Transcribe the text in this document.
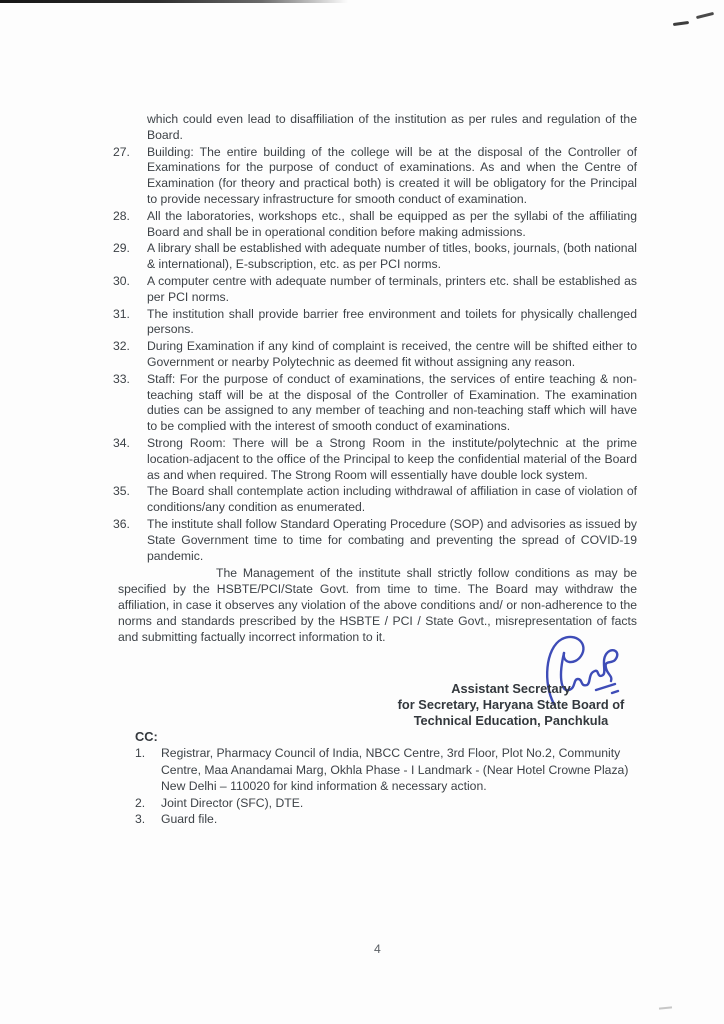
which could even lead to disaffiliation of the institution as per rules and regulation of the Board.

27.	Building: The entire building of the college will be at the disposal of the Controller of Examinations for the purpose of conduct of examinations. As and when the Centre of Examination (for theory and practical both) is created it will be obligatory for the Principal to provide necessary infrastructure for smooth conduct of examination.
28.	All the laboratories, workshops etc., shall be equipped as per the syllabi of the affiliating Board and shall be in operational condition before making admissions.
29.	A library shall be established with adequate number of titles, books, journals, (both national & international), E-subscription, etc. as per PCI norms.
30.	A computer centre with adequate number of terminals, printers etc. shall be established as per PCI norms.
31.	The institution shall provide barrier free environment and toilets for physically challenged persons.
32.	During Examination if any kind of complaint is received, the centre will be shifted either to Government or nearby Polytechnic as deemed fit without assigning any reason.
33.	Staff: For the purpose of conduct of examinations, the services of entire teaching & non-teaching staff will be at the disposal of the Controller of Examination. The examination duties can be assigned to any member of teaching and non-teaching staff which will have to be complied with the interest of smooth conduct of examinations.
34.	Strong Room: There will be a Strong Room in the institute/polytechnic at the prime location-adjacent to the office of the Principal to keep the confidential material of the Board as and when required. The Strong Room will essentially have double lock system.
35.	The Board shall contemplate action including withdrawal of affiliation in case of violation of conditions/any condition as enumerated.
36.	The institute shall follow Standard Operating Procedure (SOP) and advisories as issued by State Government time to time for combating and preventing the spread of COVID-19 pandemic.

The Management of the institute shall strictly follow conditions as may be specified by the HSBTE/PCI/State Govt. from time to time. The Board may withdraw the affiliation, in case it observes any violation of the above conditions and/ or non-adherence to the norms and standards prescribed by the HSBTE / PCI / State Govt., misrepresentation of facts and submitting factually incorrect information to it.

Assistant Secretary
for Secretary, Haryana State Board of
Technical Education, Panchkula
CC:
1.	Registrar, Pharmacy Council of India, NBCC Centre, 3rd Floor, Plot No.2, Community Centre, Maa Anandamai Marg, Okhla Phase - I Landmark - (Near Hotel Crowne Plaza) New Delhi – 110020 for kind information & necessary action.
2.	Joint Director (SFC), DTE.
3.	Guard file.
4
